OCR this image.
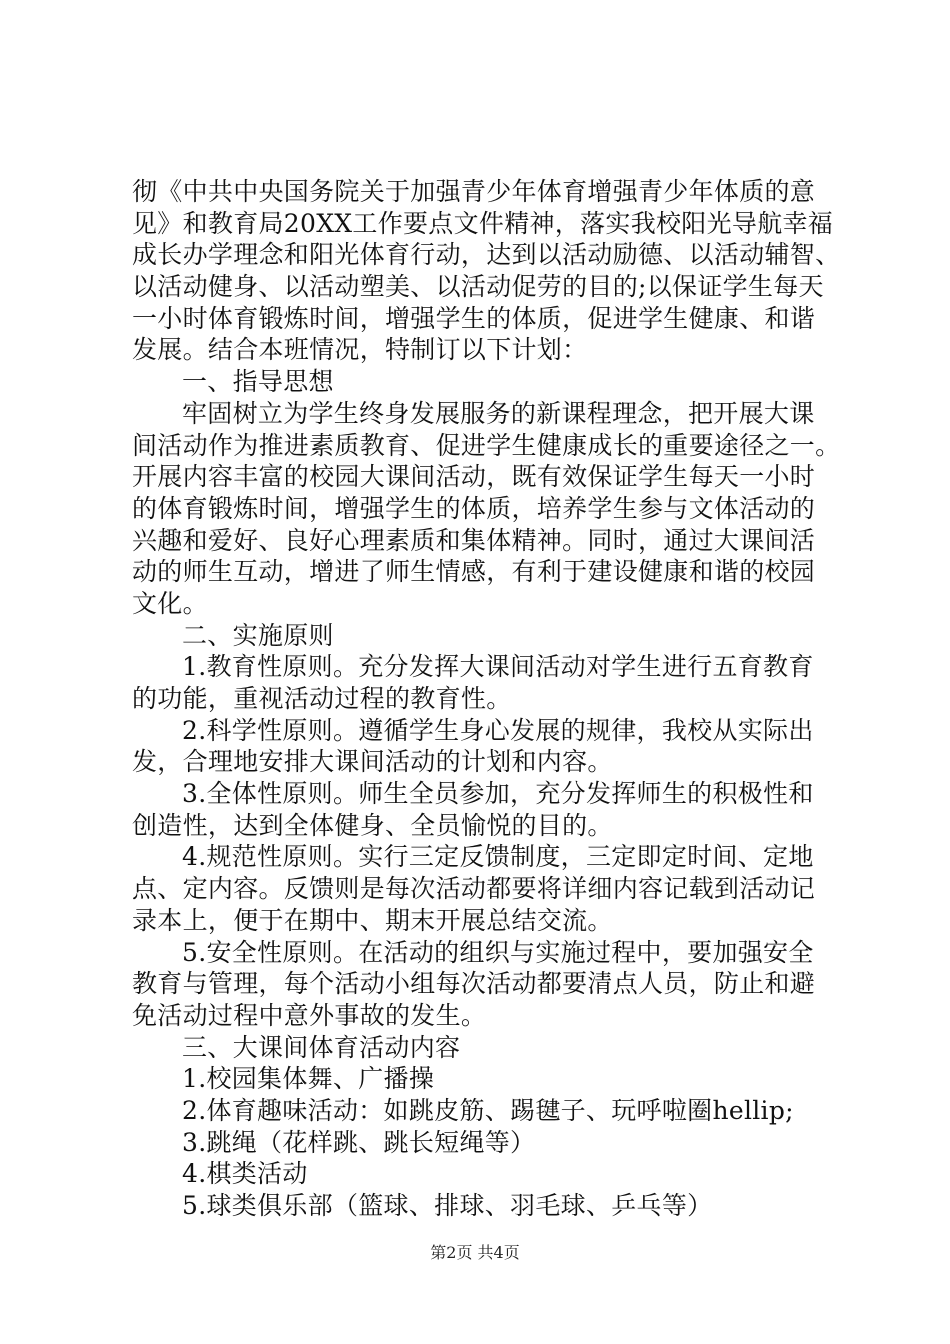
彻《中共中央国务院关于加强青少年体育增强青少年体质的意
见》和教育局20XX工作要点文件精神，落实我校阳光导航幸福
成长办学理念和阳光体育行动，达到以活动励德、以活动辅智、
以活动健身、以活动塑美、以活动促劳的目的;以保证学生每天
一小时体育锻炼时间，增强学生的体质，促进学生健康、和谐
发展。结合本班情况，特制订以下计划：
一、指导思想
牢固树立为学生终身发展服务的新课程理念，把开展大课
间活动作为推进素质教育、促进学生健康成长的重要途径之一。
开展内容丰富的校园大课间活动，既有效保证学生每天一小时
的体育锻炼时间，增强学生的体质，培养学生参与文体活动的
兴趣和爱好、良好心理素质和集体精神。同时，通过大课间活
动的师生互动，增进了师生情感，有利于建设健康和谐的校园
文化。
二、实施原则
1.教育性原则。充分发挥大课间活动对学生进行五育教育
的功能，重视活动过程的教育性。
2.科学性原则。遵循学生身心发展的规律，我校从实际出
发，合理地安排大课间活动的计划和内容。
3.全体性原则。师生全员参加，充分发挥师生的积极性和
创造性，达到全体健身、全员愉悦的目的。
4.规范性原则。实行三定反馈制度，三定即定时间、定地
点、定内容。反馈则是每次活动都要将详细内容记载到活动记
录本上，便于在期中、期末开展总结交流。
5.安全性原则。在活动的组织与实施过程中，要加强安全
教育与管理，每个活动小组每次活动都要清点人员，防止和避
免活动过程中意外事故的发生。
三、大课间体育活动内容
1.校园集体舞、广播操
2.体育趣味活动：如跳皮筋、踢毽子、玩呼啦圈hellip;
3.跳绳（花样跳、跳长短绳等）
4.棋类活动
5.球类俱乐部（篮球、排球、羽毛球、乒乓等）
第2页 共4页
